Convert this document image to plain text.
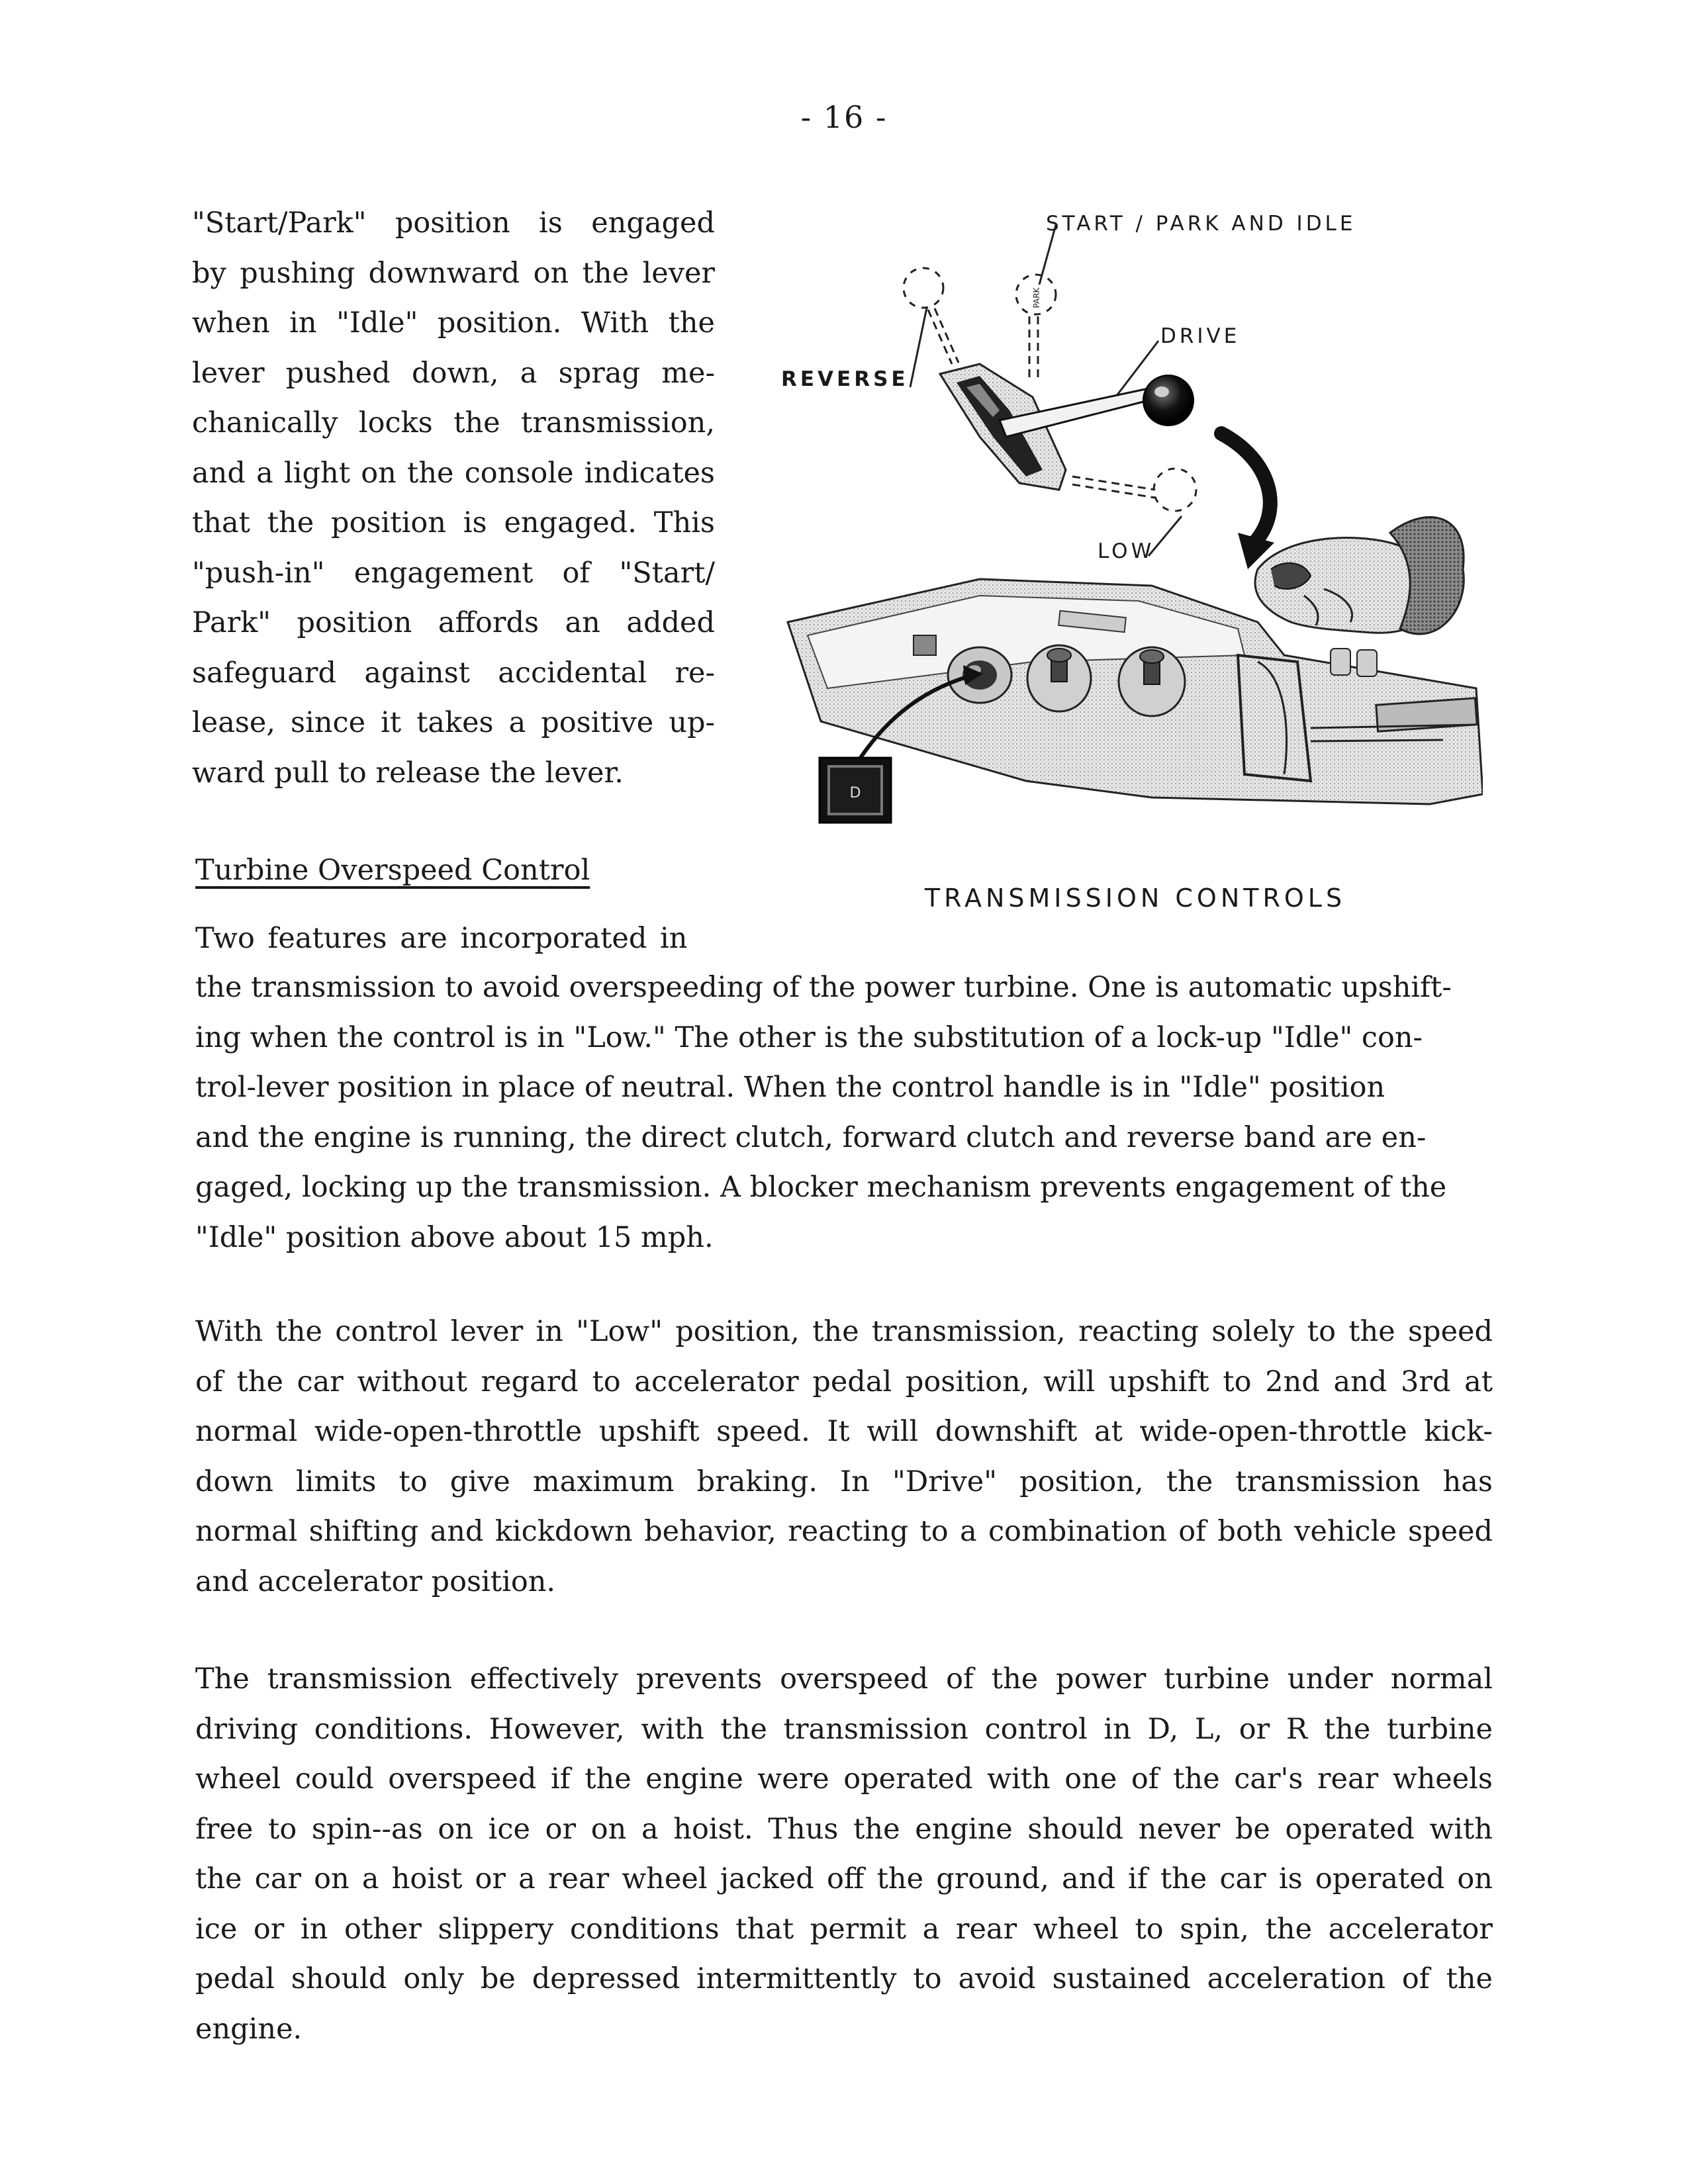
- 16 -

"Start/Park" position is engaged

by pushing downward on the lever

when in "Idle" position. With the

lever pushed down, a sprag me-

chanically locks the transmission,

and a light on the console indicates

that the position is engaged. This

"push-in" engagement of "Start/

Park" position affords an added

safeguard against accidental re-

lease, since it takes a positive up-

ward pull to release the lever.

PARK
D
START / PARK AND IDLE
DRIVE
REVERSE
LOW
TRANSMISSION CONTROLS
Turbine Overspeed Control
Two features are incorporated in

the transmission to avoid overspeeding of the power turbine. One is automatic upshift-

ing when the control is in "Low." The other is the substitution of a lock-up "Idle" con-

trol-lever position in place of neutral. When the control handle is in "Idle" position

and the engine is running, the direct clutch, forward clutch and reverse band are en-

gaged, locking up the transmission. A blocker mechanism prevents engagement of the

"Idle" position above about 15 mph.

With the control lever in "Low" position, the transmission, reacting solely to the speed

of the car without regard to accelerator pedal position, will upshift to 2nd and 3rd at

normal wide-open-throttle upshift speed. It will downshift at wide-open-throttle kick-

down limits to give maximum braking. In "Drive" position, the transmission has

normal shifting and kickdown behavior, reacting to a combination of both vehicle speed

and accelerator position.

The transmission effectively prevents overspeed of the power turbine under normal

driving conditions. However, with the transmission control in D, L, or R the turbine

wheel could overspeed if the engine were operated with one of the car's rear wheels

free to spin--as on ice or on a hoist. Thus the engine should never be operated with

the car on a hoist or a rear wheel jacked off the ground, and if the car is operated on

ice or in other slippery conditions that permit a rear wheel to spin, the accelerator

pedal should only be depressed intermittently to avoid sustained acceleration of the engine.
